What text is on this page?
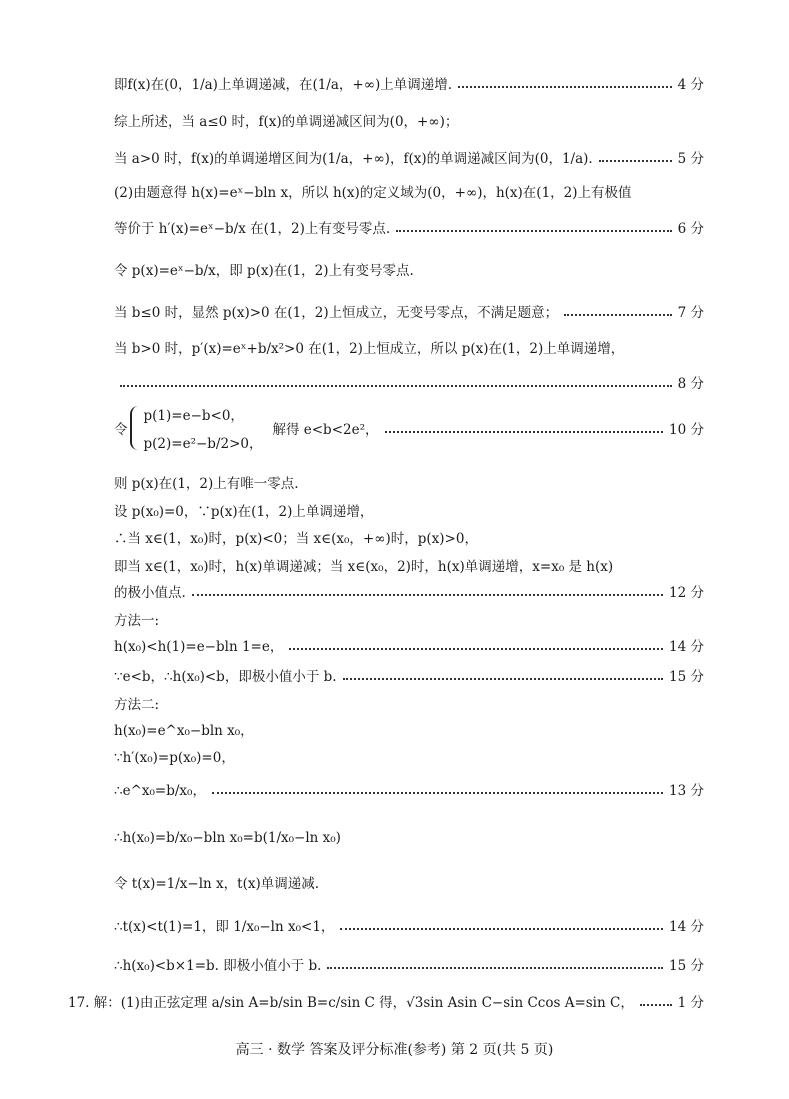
即f(x)在(0，1/a)上单调递减，在(1/a，+∞)上单调递增.	4 分
综上所述，当 a≤0 时，f(x)的单调递减区间为(0，+∞)；
当 a>0 时，f(x)的单调递增区间为(1/a，+∞)，f(x)的单调递减区间为(0，1/a).	5 分
(2)由题意得 h(x)=eˣ−bln x，所以 h(x)的定义域为(0，+∞)，h(x)在(1，2)上有极值
等价于 h′(x)=eˣ−b/x 在(1，2)上有变号零点.	6 分
令 p(x)=eˣ−b/x，即 p(x)在(1，2)上有变号零点.
当 b≤0 时，显然 p(x)>0 在(1，2)上恒成立，无变号零点，不满足题意；	7 分
当 b>0 时，p′(x)=eˣ+b/x²>0 在(1，2)上恒成立，所以 p(x)在(1，2)上单调递增，
8 分
令
p(1)=e−b<0，
p(2)=e²−b/2>0，
解得 e<b<2e²，	10 分
则 p(x)在(1，2)上有唯一零点.
设 p(x₀)=0，∵p(x)在(1，2)上单调递增，
∴当 x∈(1，x₀)时，p(x)<0；当 x∈(x₀，+∞)时，p(x)>0，
即当 x∈(1，x₀)时，h(x)单调递减；当 x∈(x₀，2)时，h(x)单调递增，x=x₀ 是 h(x)
的极小值点.	12 分
方法一:
h(x₀)<h(1)=e−bln 1=e，	14 分
∵e<b，∴h(x₀)<b，即极小值小于 b.	15 分
方法二:
h(x₀)=e^x₀−bln x₀，
∵h′(x₀)=p(x₀)=0，
∴e^x₀=b/x₀，	13 分
∴h(x₀)=b/x₀−bln x₀=b(1/x₀−ln x₀)
令 t(x)=1/x−ln x，t(x)单调递减.
∴t(x)<t(1)=1，即 1/x₀−ln x₀<1，	14 分
∴h(x₀)<b×1=b. 即极小值小于 b.	15 分
17. 解：(1)由正弦定理 a/sin A=b/sin B=c/sin C 得，√3sin Asin C−sin Ccos A=sin C，	1 分
高三 · 数学 答案及评分标准(参考) 第 2 页(共 5 页)
